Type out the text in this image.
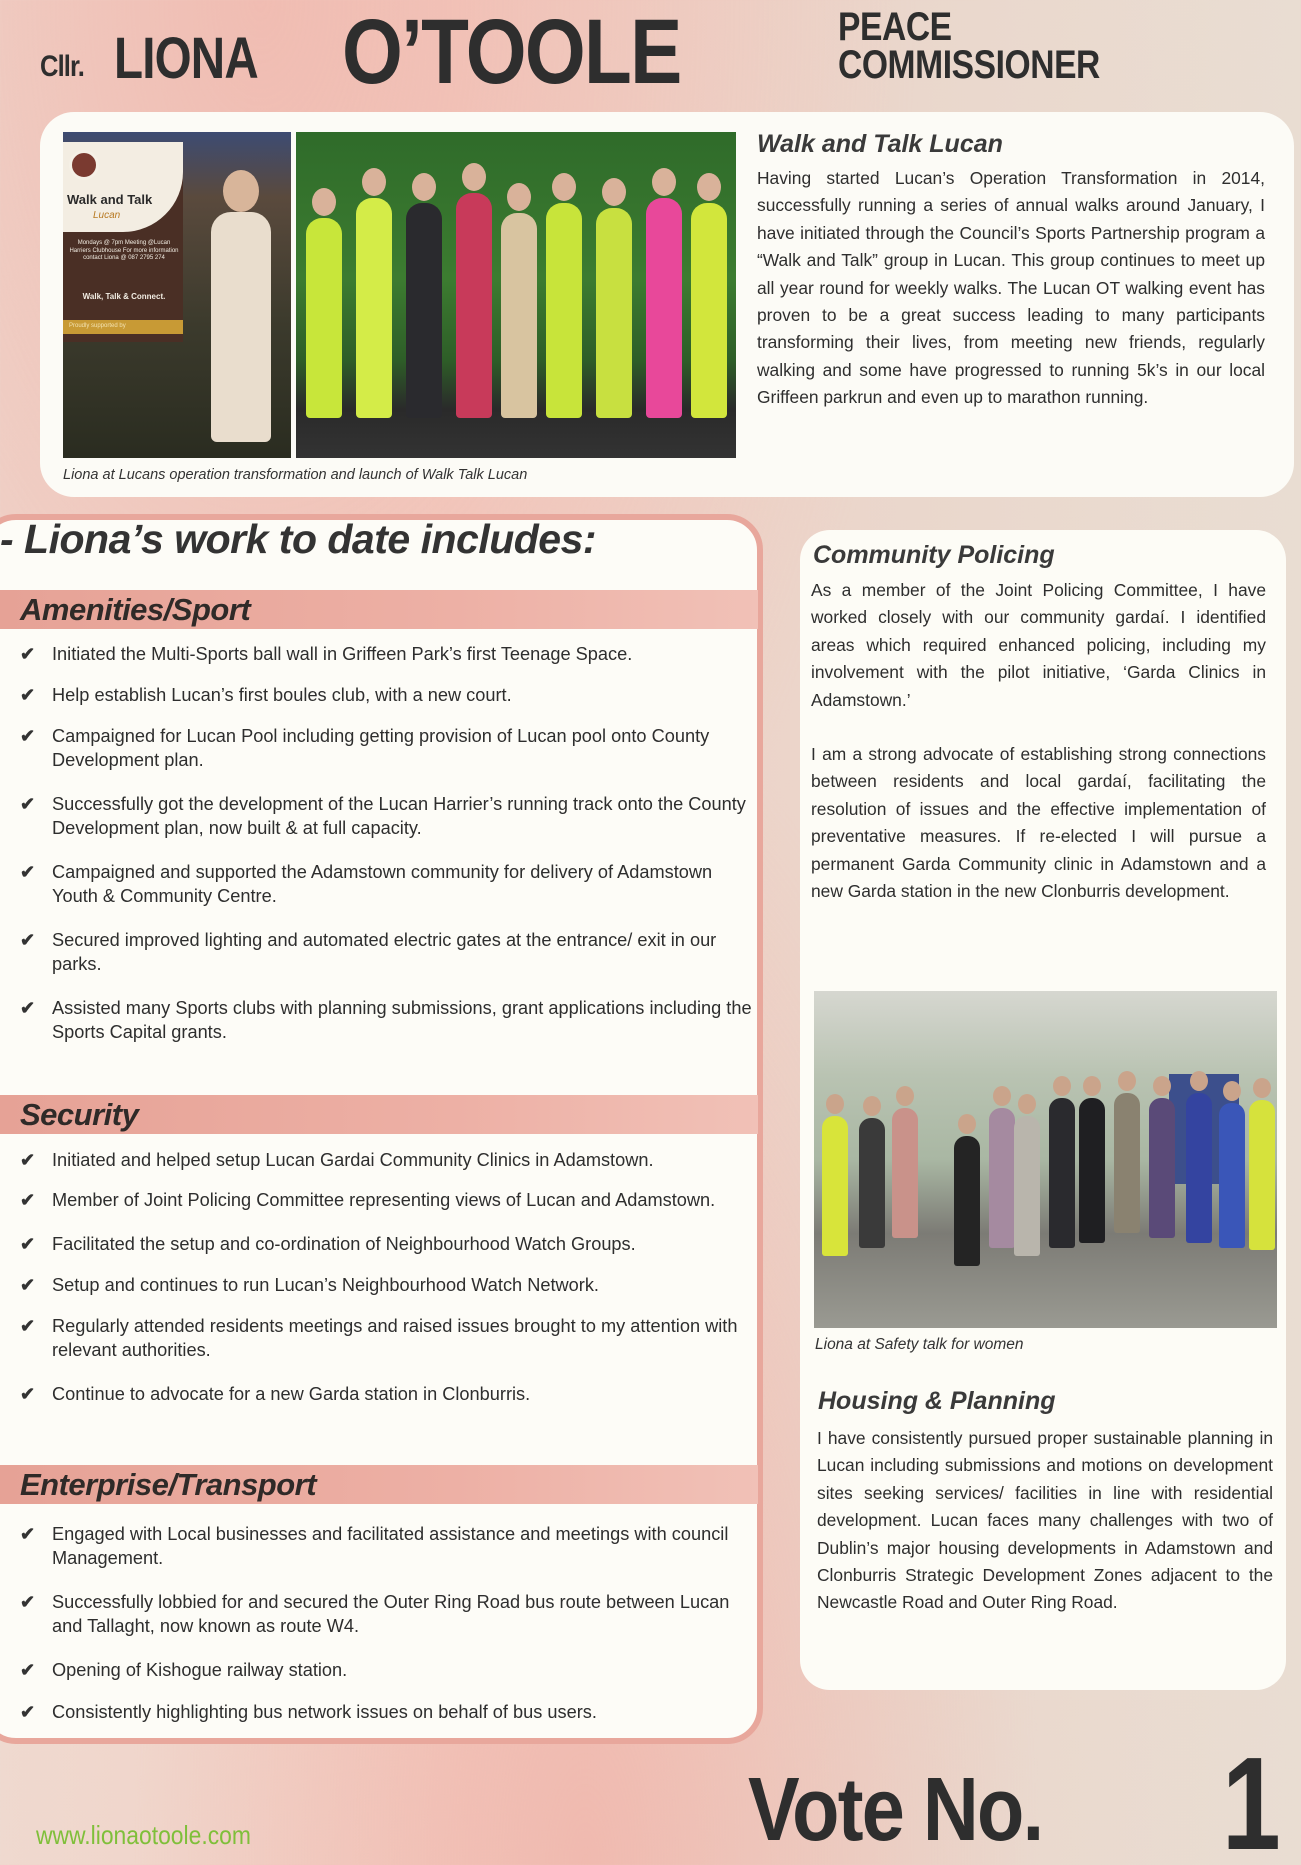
Cllr. LIONA O’TOOLE	PEACE
COMMISSIONER
Walk and Talk
Lucan
Mondays @ 7pm Meeting @Lucan Harriers Clubhouse For more information contact Liona @ 087 2795 274
Walk, Talk & Connect.
Proudly supported by
Liona at Lucans operation transformation and launch of Walk Talk Lucan
Walk and Talk Lucan

Having started Lucan’s Operation Transformation in 2014, successfully running a series of annual walks around January, I have initiated through the Council’s Sports Partnership program a “Walk and Talk” group in Lucan. This group continues to meet up all year round for weekly walks. The Lucan OT walking event has proven to be a great success leading to many participants transforming their lives, from meeting new friends, regularly walking and some have progressed to running 5k’s in our local Griffeen parkrun and even up to marathon running.

- Liona’s work to date includes:
Amenities/Sport
✔ Initiated the Multi-Sports ball wall in Griffeen Park’s first Teenage Space.
✔ Help establish Lucan’s first boules club, with a new court.
✔ Campaigned for Lucan Pool including getting provision of Lucan pool onto County Development plan.
✔ Successfully got the development of the Lucan Harrier’s running track onto the County Development plan, now built & at full capacity.
✔ Campaigned and supported the Adamstown community for delivery of Adamstown Youth & Community Centre.
✔ Secured improved lighting and automated electric gates at the entrance/ exit in our parks.
✔ Assisted many Sports clubs with planning submissions, grant applications including the Sports Capital grants.
Security
✔ Initiated and helped setup Lucan Gardai Community Clinics in Adamstown.
✔ Member of Joint Policing Committee representing views of Lucan and Adamstown.
✔ Facilitated the setup and co-ordination of Neighbourhood Watch Groups.
✔ Setup and continues to run Lucan’s Neighbourhood Watch Network.
✔ Regularly attended residents meetings and raised issues brought to my attention with relevant authorities.
✔ Continue to advocate for a new Garda station in Clonburris.
Enterprise/Transport
✔ Engaged with Local businesses and facilitated assistance and meetings with council Management.
✔ Successfully lobbied for and secured the Outer Ring Road bus route between Lucan and Tallaght, now known as route W4.
✔ Opening of Kishogue railway station.
✔ Consistently highlighting bus network issues on behalf of bus users.
Community Policing

As a member of the Joint Policing Committee, I have worked closely with our community gardaí. I identified areas which required enhanced policing, including my involvement with the pilot initiative, ‘Garda Clinics in Adamstown.’

I am a strong advocate of establishing strong connections between residents and local gardaí, facilitating the resolution of issues and the effective implementation of preventative measures. If re-elected I will pursue a permanent Garda Community clinic in Adamstown and a new Garda station in the new Clonburris development.

Liona at Safety talk for women
Housing & Planning

I have consistently pursued proper sustainable planning in Lucan including submissions and motions on development sites seeking services/ facilities in line with residential development. Lucan faces many challenges with two of Dublin’s major housing developments in Adamstown and Clonburris Strategic Development Zones adjacent to the Newcastle Road and Outer Ring Road.

www.lionaotoole.com	Vote No. 1
